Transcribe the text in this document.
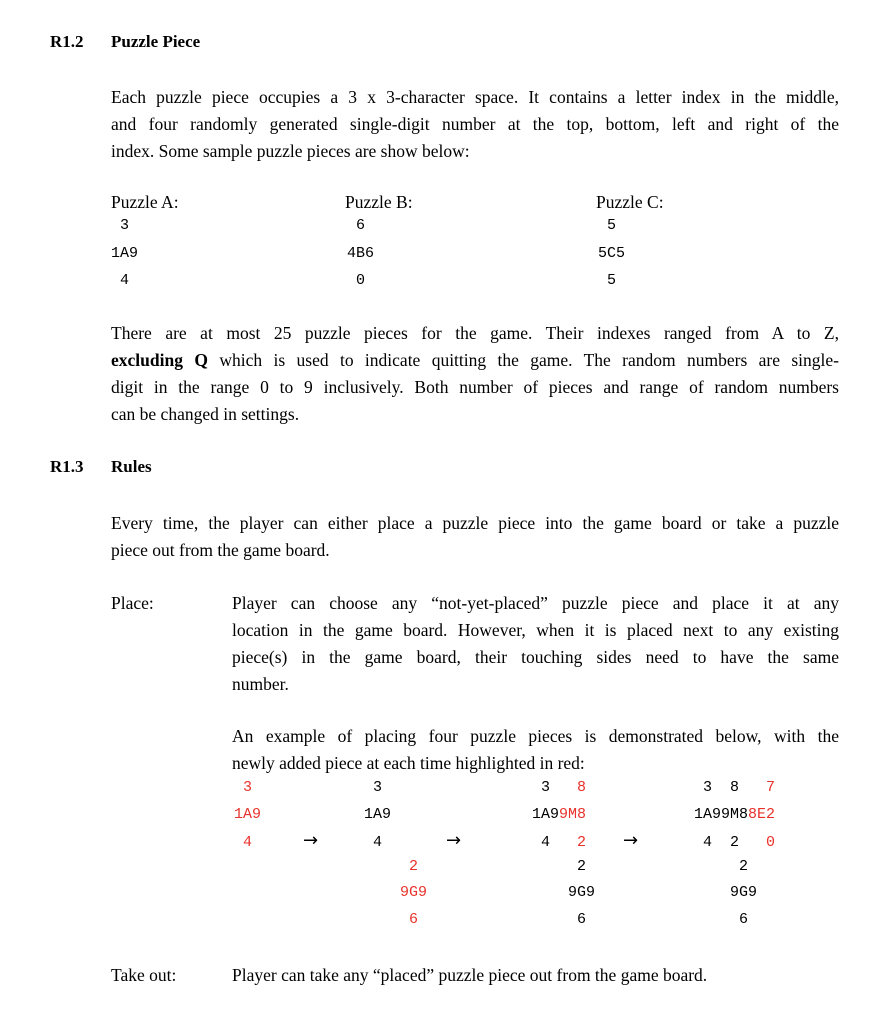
R1.2 Puzzle Piece
Each puzzle piece occupies a 3 x 3-character space. It contains a letter index in the middle,
and four randomly generated single-digit number at the top, bottom, left and right of the
index. Some sample puzzle pieces are show below:
Puzzle A:
3
1A9
4
Puzzle B:
6
4B6
0
Puzzle C:
5
5C5
5
There are at most 25 puzzle pieces for the game. Their indexes ranged from A to Z,
excluding Q which is used to indicate quitting the game. The random numbers are single-
digit in the range 0 to 9 inclusively. Both number of pieces and range of random numbers
can be changed in settings.
R1.3 Rules
Every time, the player can either place a puzzle piece into the game board or take a puzzle
piece out from the game board.
Place:	Player can choose any “not-yet-placed” puzzle piece and place it at any
location in the game board. However, when it is placed next to any existing
piece(s) in the game board, their touching sides need to have the same
number.
An example of placing four puzzle pieces is demonstrated below, with the
newly added piece at each time highlighted in red:
3
1A9
4	→
3
1A9
4
2
9G9
6
→
3 8
1A99M8
4 2
2
9G9
6
→
3  8 7
1A99M88E2
4  2 0
2
9G9
6
Take out:	Player can take any “placed” puzzle piece out from the game board.
